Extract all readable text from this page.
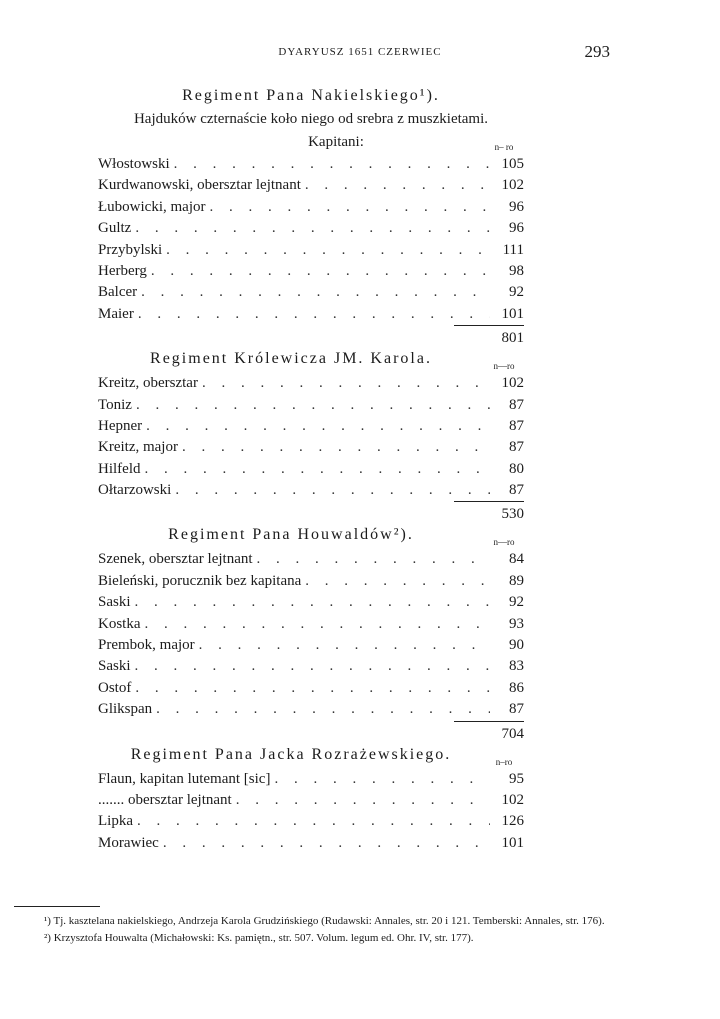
DYARYUSZ 1651 CZERWIEC	293
Regiment Pana Nakielskiego¹).
Hajduków czternaście koło niego od srebra z muszkietami.
Kapitani:	n– ro
Włostowski . . .	105
Kurdwanowski, obersztar lejtnant . . .	102
Łubowicki, major . . .	96
Gultz . . .	96
Przybylski . . .	111
Herberg . . .	98
Balcer . . .	92
Maier . . .	101
801
Regiment Królewicza JM. Karola.	n—ro
Kreitz, obersztar . . .	102
Toniz . . .	87
Hepner . . .	87
Kreitz, major . . .	87
Hilfeld . . .	80
Ołtarzowski . . .	87
530
Regiment Pana Houwaldów²).	n—ro
Szenek, obersztar lejtnant . . .	84
Bieleński, porucznik bez kapitana . . .	89
Saski . . .	92
Kostka . . .	93
Prembok, major . . .	90
Saski . . .	83
Ostof . . .	86
Glikspan . . .	87
704
Regiment Pana Jacka Rozrażewskiego.	n–ro
Flaun, kapitan lutemant [sic] . . .	95
....... obersztar lejtnant . . .	102
Lipka . . .	126
Morawiec . . .	101
¹) Tj. kasztelana nakielskiego, Andrzeja Karola Grudzińskiego (Rudawski: Annales, str. 20 i 121. Temberski: Annales, str. 176).
²) Krzysztofa Houwalta (Michałowski: Ks. pamiętn., str. 507. Volum. legum ed. Ohr. IV, str. 177).
